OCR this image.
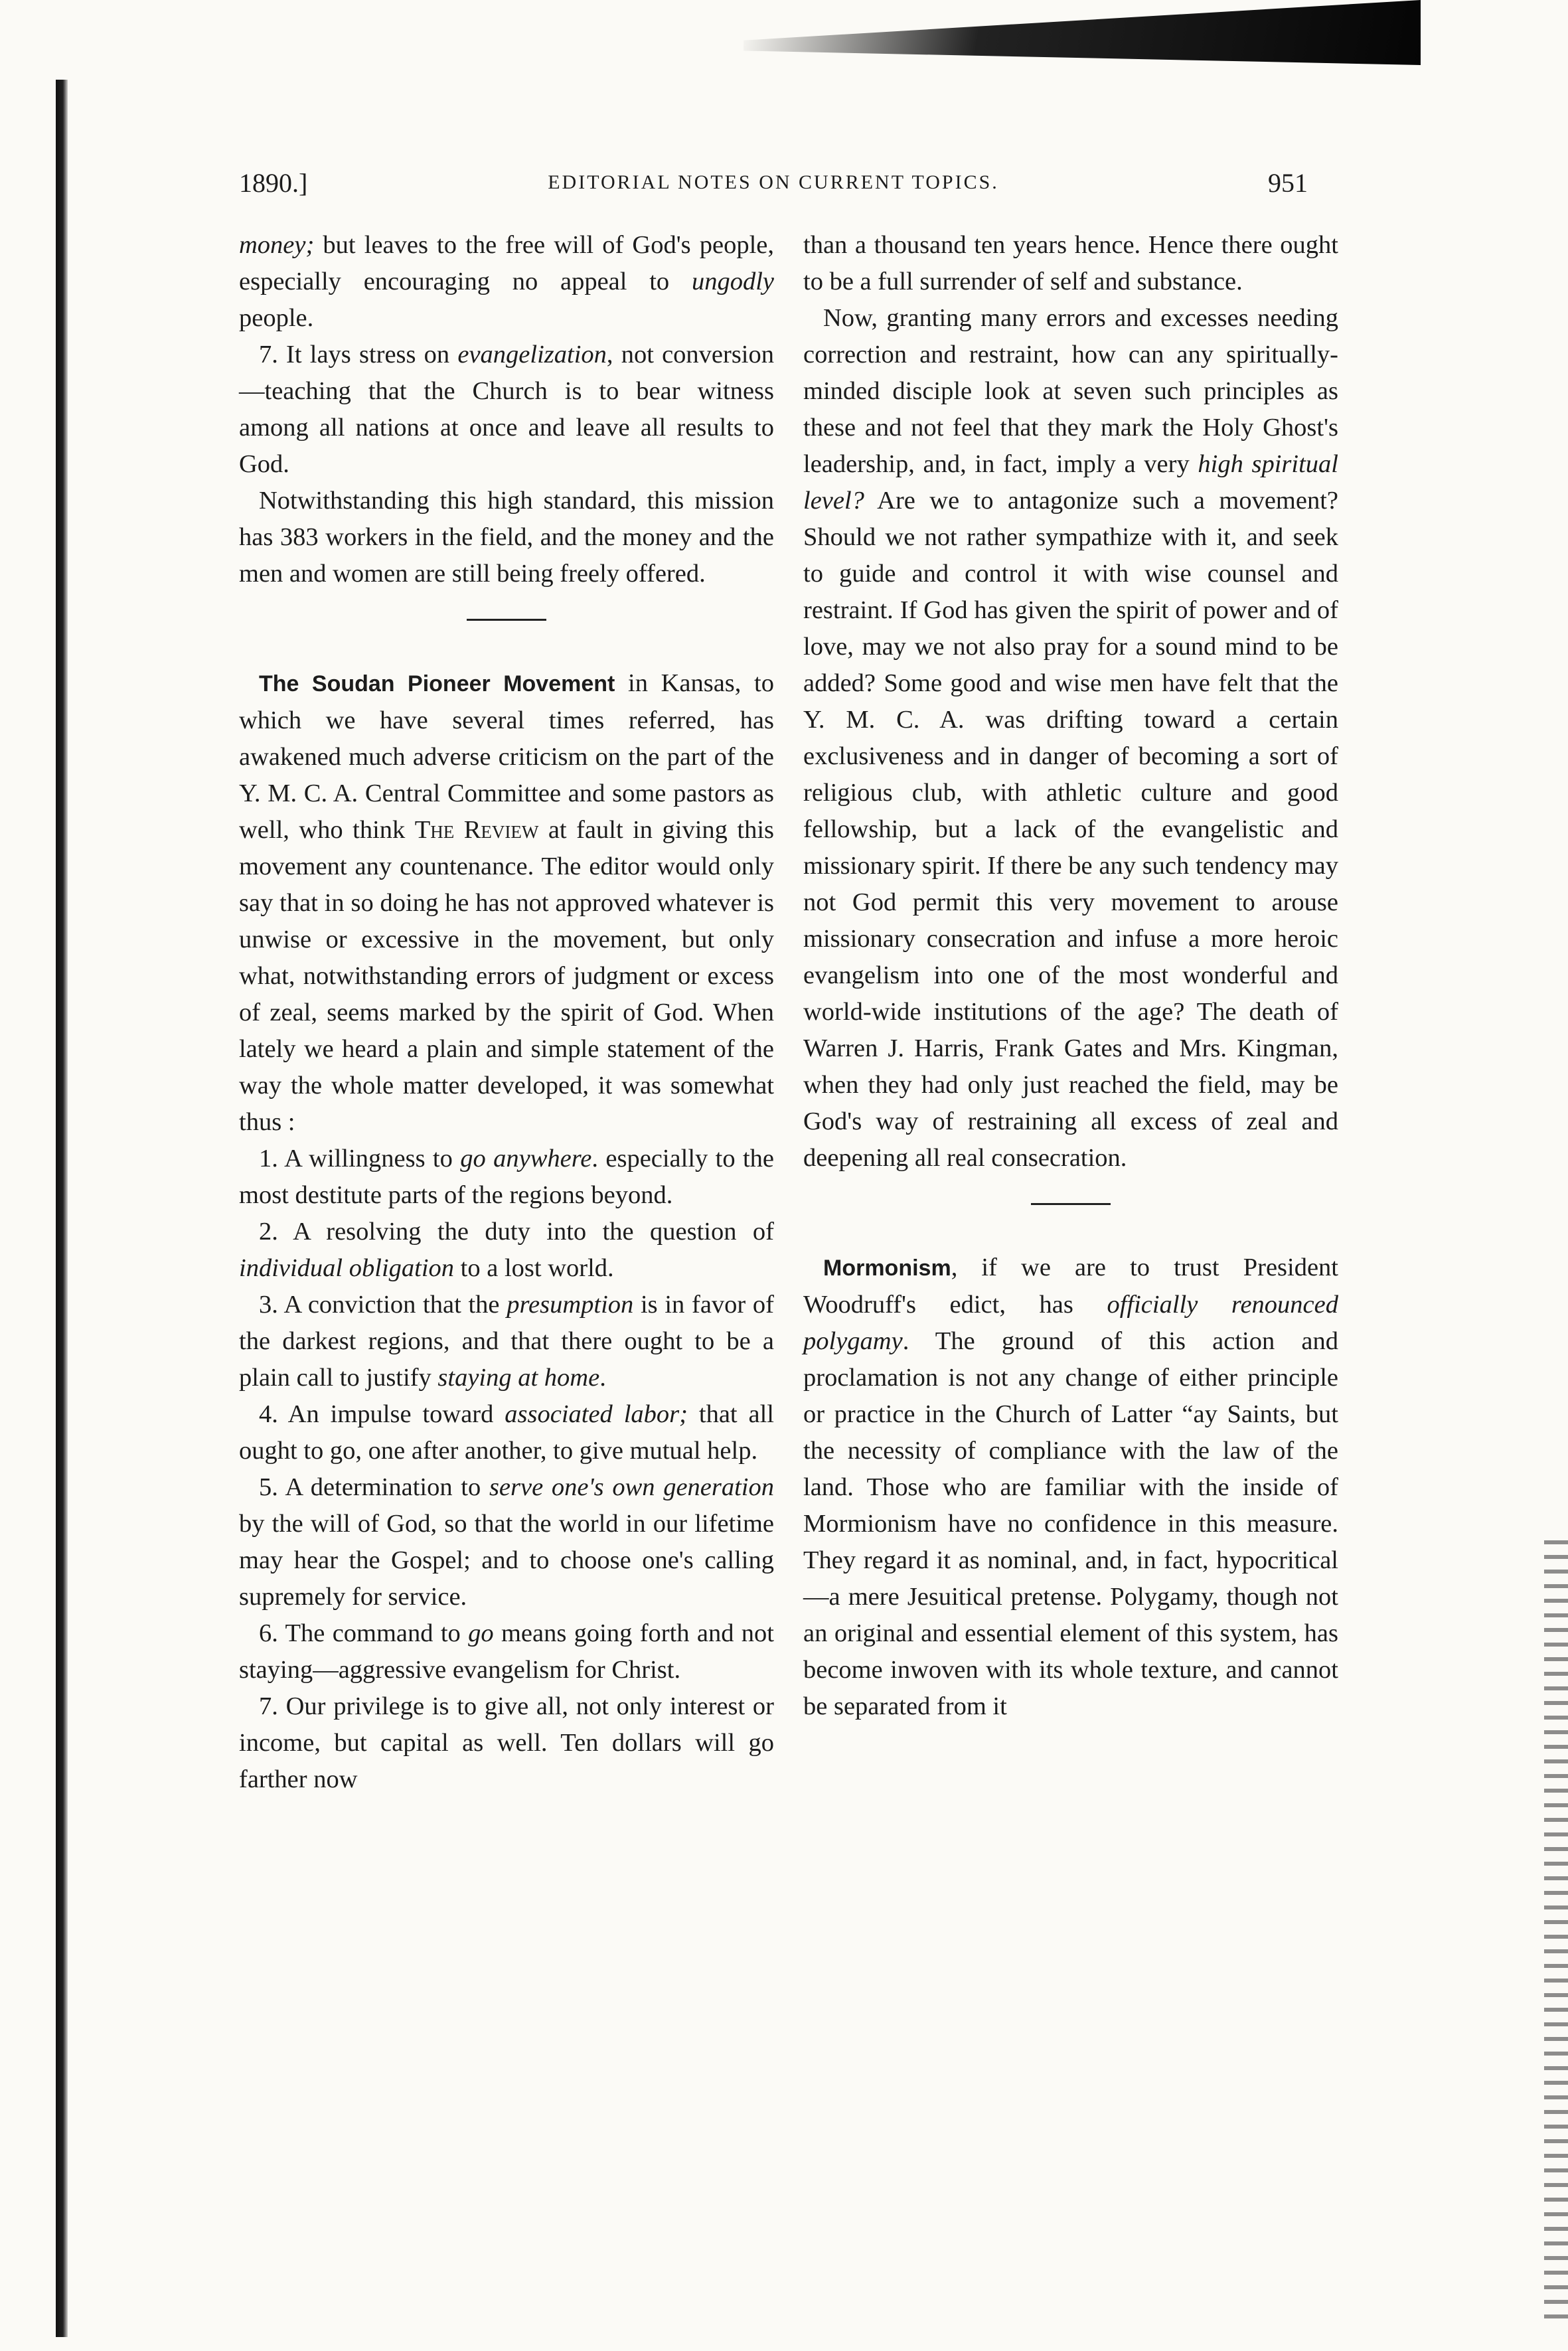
1890.]	EDITORIAL NOTES ON CURRENT TOPICS.	951

money; but leaves to the free will of God's people, especially encouraging no appeal to ungodly people.

7. It lays stress on evangelization, not conversion—teaching that the Church is to bear witness among all nations at once and leave all results to God.

Notwithstanding this high standard, this mission has 383 workers in the field, and the money and the men and women are still being freely offered.

The Soudan Pioneer Movement in Kansas, to which we have several times referred, has awakened much adverse criticism on the part of the Y. M. C. A. Central Committee and some pastors as well, who think The Review at fault in giving this movement any countenance. The editor would only say that in so doing he has not approved whatever is unwise or excessive in the movement, but only what, notwithstanding errors of judgment or excess of zeal, seems marked by the spirit of God. When lately we heard a plain and simple statement of the way the whole matter developed, it was somewhat thus :

1. A willingness to go anywhere. especially to the most destitute parts of the regions beyond.

2. A resolving the duty into the question of individual obligation to a lost world.

3. A conviction that the presumption is in favor of the darkest regions, and that there ought to be a plain call to justify staying at home.

4. An impulse toward associated labor; that all ought to go, one after another, to give mutual help.

5. A determination to serve one's own generation by the will of God, so that the world in our lifetime may hear the Gospel; and to choose one's calling supremely for service.

6. The command to go means going forth and not staying—aggressive evangelism for Christ.

7. Our privilege is to give all, not only interest or income, but capital as well. Ten dollars will go farther now

than a thousand ten years hence. Hence there ought to be a full surrender of self and substance.

Now, granting many errors and excesses needing correction and restraint, how can any spiritually-minded disciple look at seven such principles as these and not feel that they mark the Holy Ghost's leadership, and, in fact, imply a very high spiritual level? Are we to antagonize such a movement? Should we not rather sympathize with it, and seek to guide and control it with wise counsel and restraint. If God has given the spirit of power and of love, may we not also pray for a sound mind to be added? Some good and wise men have felt that the Y. M. C. A. was drifting toward a certain exclusiveness and in danger of becoming a sort of religious club, with athletic culture and good fellowship, but a lack of the evangelistic and missionary spirit. If there be any such tendency may not God permit this very movement to arouse missionary consecration and infuse a more heroic evangelism into one of the most wonderful and world-wide institutions of the age? The death of Warren J. Harris, Frank Gates and Mrs. Kingman, when they had only just reached the field, may be God's way of restraining all excess of zeal and deepening all real consecration.

Mormonism, if we are to trust President Woodruff's edict, has officially renounced polygamy. The ground of this action and proclamation is not any change of either principle or practice in the Church of Latter “ay Saints, but the necessity of compliance with the law of the land. Those who are familiar with the inside of Mormionism have no confidence in this measure. They regard it as nominal, and, in fact, hypocritical—a mere Jesuitical pretense. Polygamy, though not an original and essential element of this system, has become inwoven with its whole texture, and cannot be separated from it
